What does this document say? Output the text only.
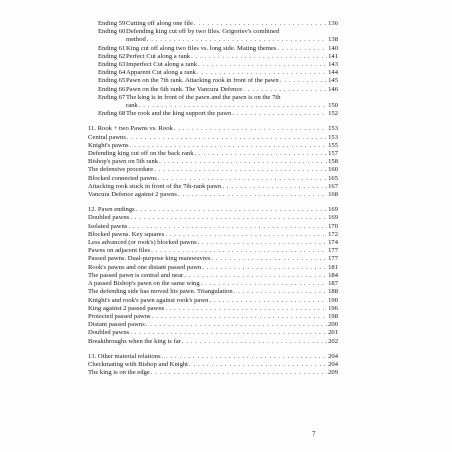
Ending 59 Cutting off along one file . . .	136
Ending 60 Defending king cut off by two files. Grigoriev's combined
method . . .	138
Ending 61 King cut off along two files vs. long side. Mating themes . . .	140
Ending 62 Perfect Cut along a rank . . .	141
Ending 63 Imperfect Cut along a rank . . .	143
Ending 64 Apparent Cut along a rank . . .	144
Ending 65 Pawn on the 7th rank. Attacking rook in front of the pawn . . .	145
Ending 66 Pawn on the 6th rank. The Vancura Defence . . .	146
Ending 67 The king is in front of the pawn and the pawn is on the 7th
rank . . .	150
Ending 68 The rook and the king support the pawn . . .	152
11. Rook + two Pawns vs. Rook . . .	153
Central pawns . . .	153
Knight's pawns . . .	155
Defending king cut off on the back rank . . .	157
Bishop's pawn on 5th rank . . .	158
The defensive procedure . . .	160
Blocked connected pawns . . .	165
Attacking rook stuck in front of the 7th-rank pawn . . .	167
Vancura Defence against 2 pawns . . .	168
12. Pawn endings . . .	169
Doubled pawns . . .	169
Isolated pawns . . .	170
Blocked pawns. Key squares . . .	172
Less advanced (or rook's) blocked pawns . . .	174
Pawns on adjacent files . . .	177
Passed pawns. Dual-purpose king manoeuvres . . .	177
Rook's pawns and one distant passed pawn . . .	181
The passed pawn is central and near . . .	184
A passed Bishop's pawn on the same wing . . .	187
The defending side has moved his pawn. Triangulation . . .	188
Knight's and rook's pawn against rook's pawn . . .	190
King against 2 passed pawns . . .	196
Protected passed pawns . . .	198
Distant passed pawns . . .	200
Doubled pawns . . .	201
Breakthroughs when the king is far . . .	202
13. Other material relations . . .	204
Checkmating with Bishop and Knight . . .	204
The king is on the edge . . .	209
7
